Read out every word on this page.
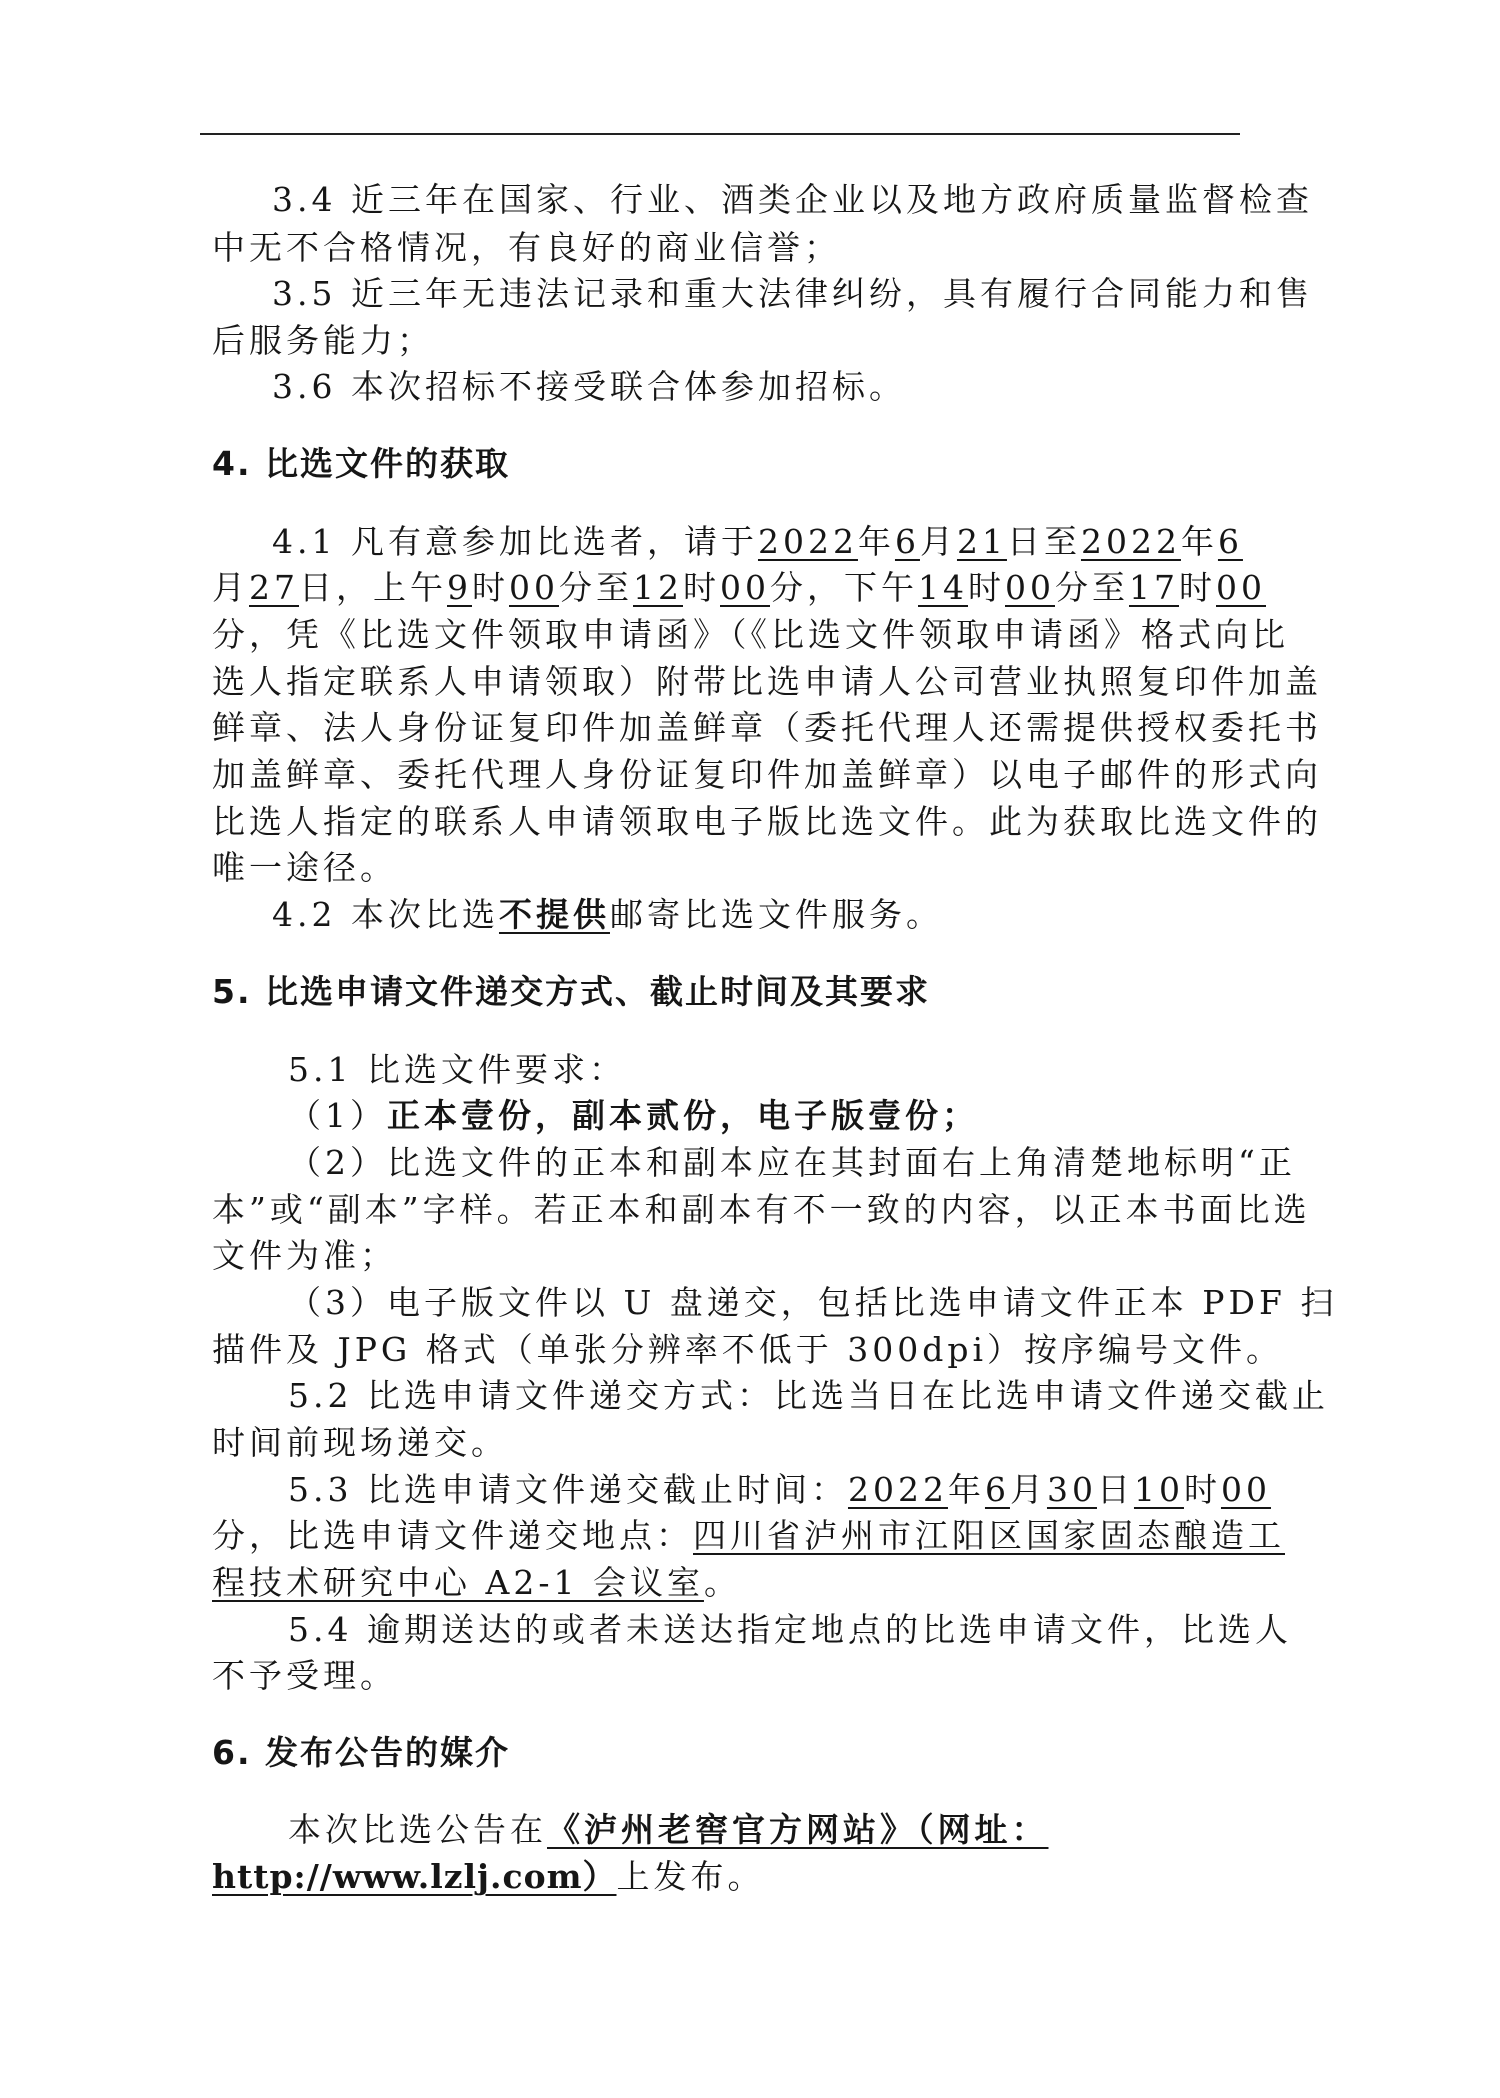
3.4 近三年在国家、行业、酒类企业以及地方政府质量监督检查
中无不合格情况，有良好的商业信誉；
3.5 近三年无违法记录和重大法律纠纷，具有履行合同能力和售
后服务能力；
3.6 本次招标不接受联合体参加招标。
4. 比选文件的获取
4.1 凡有意参加比选者，请于2022年6月21日至2022年6
月27日，上午9时00分至12时00分，下午14时00分至17时00
分，凭《比选文件领取申请函》（《比选文件领取申请函》格式向比
选人指定联系人申请领取）附带比选申请人公司营业执照复印件加盖
鲜章、法人身份证复印件加盖鲜章（委托代理人还需提供授权委托书
加盖鲜章、委托代理人身份证复印件加盖鲜章）以电子邮件的形式向
比选人指定的联系人申请领取电子版比选文件。此为获取比选文件的
唯一途径。
4.2 本次比选不提供邮寄比选文件服务。
5. 比选申请文件递交方式、截止时间及其要求
5.1 比选文件要求：
（1）正本壹份，副本贰份，电子版壹份；
（2）比选文件的正本和副本应在其封面右上角清楚地标明“正
本”或“副本”字样。若正本和副本有不一致的内容，以正本书面比选
文件为准；
（3）电子版文件以 U 盘递交，包括比选申请文件正本 PDF 扫
描件及 JPG 格式（单张分辨率不低于 300dpi）按序编号文件。
5.2 比选申请文件递交方式：比选当日在比选申请文件递交截止
时间前现场递交。
5.3 比选申请文件递交截止时间：2022年6月30日10时00
分，比选申请文件递交地点：四川省泸州市江阳区国家固态酿造工
程技术研究中心 A2-1 会议室。
5.4 逾期送达的或者未送达指定地点的比选申请文件，比选人
不予受理。
6. 发布公告的媒介
本次比选公告在《泸州老窖官方网站》（网址：
http://www.lzlj.com）上发布。
